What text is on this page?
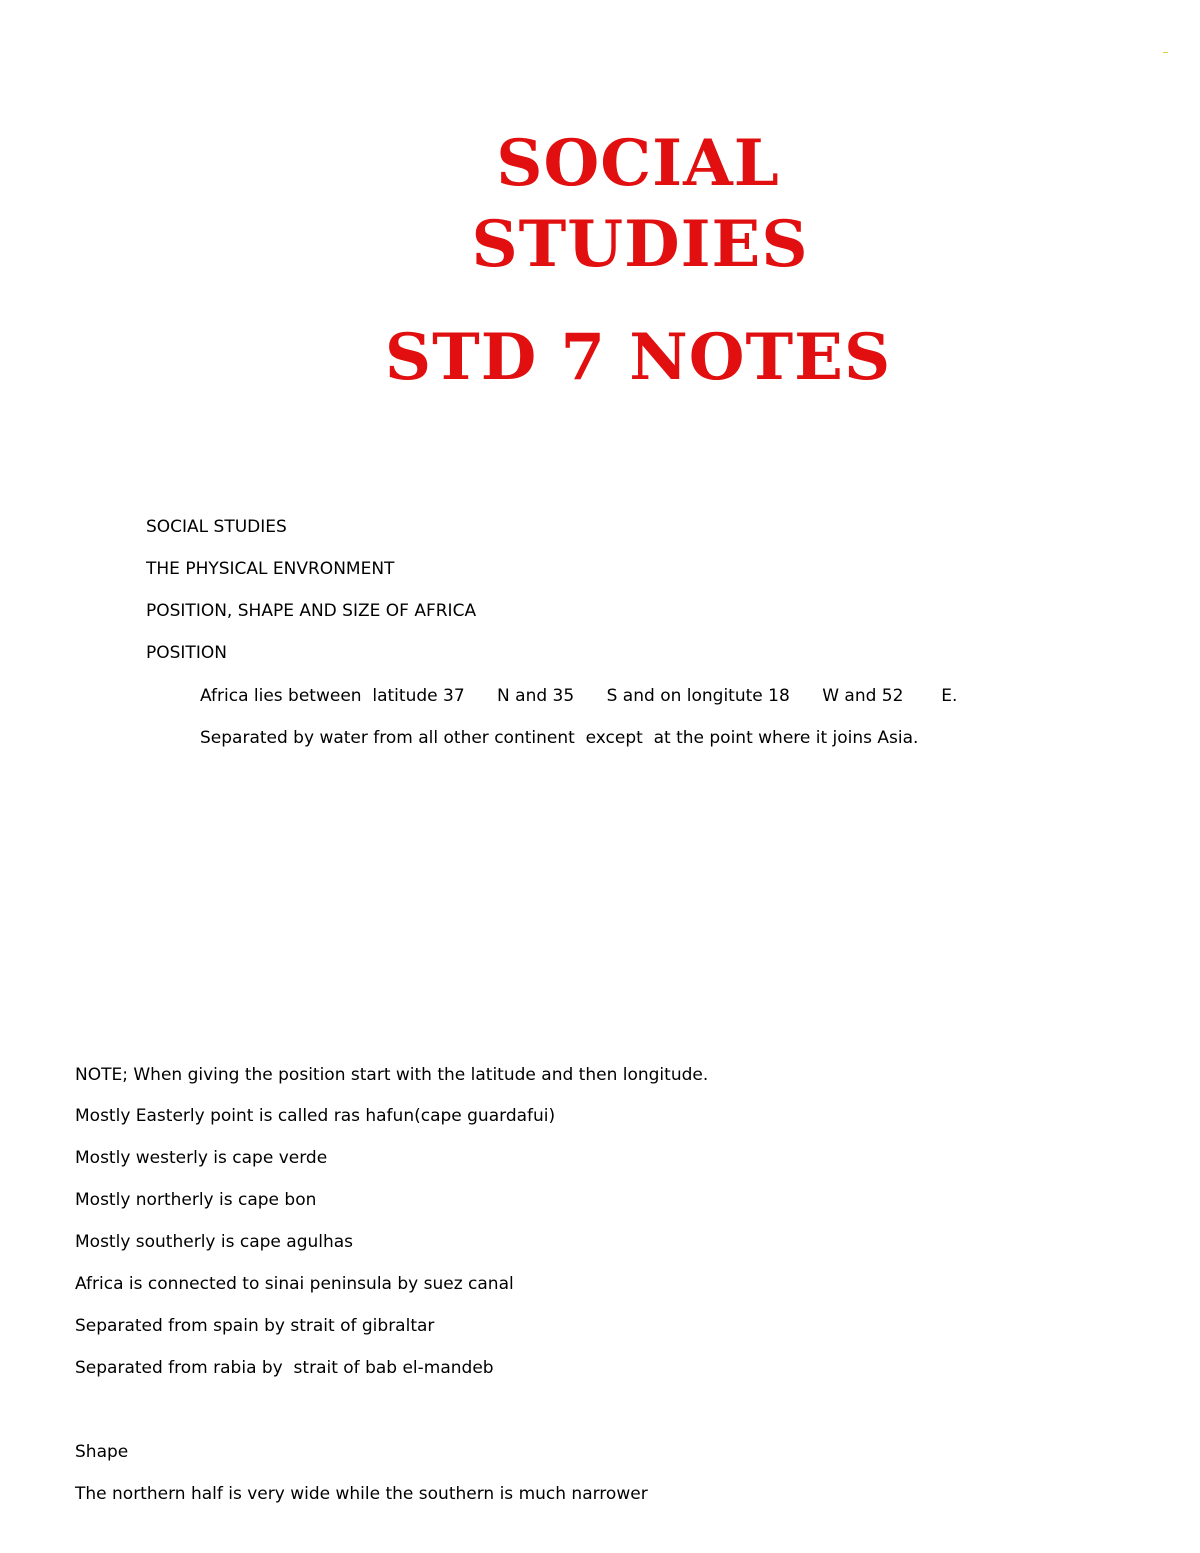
SOCIAL
STUDIES
STD 7 NOTES
SOCIAL STUDIES
THE PHYSICAL ENVRONMENT
POSITION, SHAPE AND SIZE OF AFRICA
POSITION
Africa lies between  latitude 37      N and 35      S and on longitute 18      W and 52       E.
Separated by water from all other continent  except  at the point where it joins Asia.
NOTE; When giving the position start with the latitude and then longitude.
Mostly Easterly point is called ras hafun(cape guardafui)
Mostly westerly is cape verde
Mostly northerly is cape bon
Mostly southerly is cape agulhas
Africa is connected to sinai peninsula by suez canal
Separated from spain by strait of gibraltar
Separated from rabia by  strait of bab el-mandeb
Shape
The northern half is very wide while the southern is much narrower
